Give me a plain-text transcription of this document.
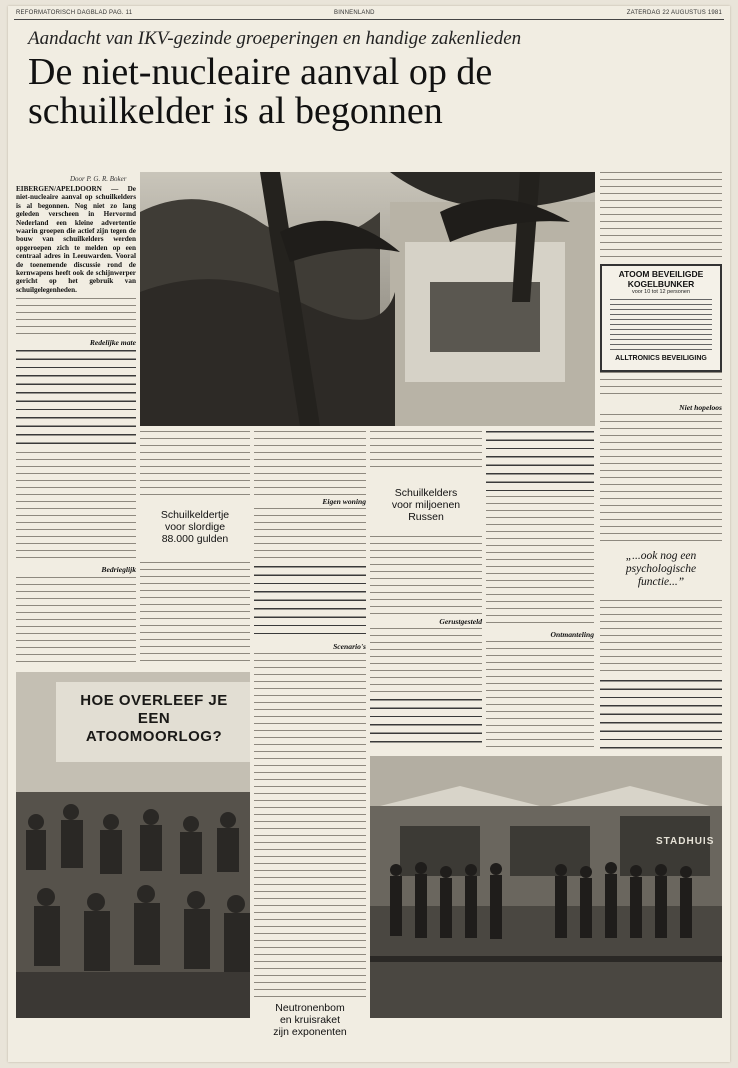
REFORMATORISCH DAGBLAD PAG. 11	BINNENLAND	ZATERDAG 22 AUGUSTUS 1981
Aandacht van IKV-gezinde groeperingen en handige zakenlieden
De niet-nucleaire aanval op de
schuilkelder is al begonnen
Door P. G. R. Boker
EIBERGEN/APELDOORN — De niet-nucleaire aanval op schuilkelders is al begonnen. Nog niet zo lang geleden verscheen in Hervormd Nederland een kleine advertentie waarin groepen die actief zijn tegen de bouw van schuilkelders werden opgeroepen zich te melden op een centraal adres in Leeuwarden. Vooral de toenemende discussie rond de kernwapens heeft ook de schijnwerper gericht op het gebruik van schuilgelegenheden.
Redelijke mate
Bedrieglijk
Schuilkeldertje
voor slordige
88.000 gulden
Eigen woning
Scenario's
Schuilkelders
voor miljoenen
Russen
Gerustgesteld
Ontmanteling
ATOOM BEVEILIGDE
KOGELBUNKER
voor 10 tot 12 personen
ALLTRONICS BEVEILIGING
Niet hopeloos
„...ook nog een
psychologische
functie...”
HOE OVERLEEF JE EEN
ATOOMOORLOG?
Neutronenbom
en kruisraket
zijn exponenten
STADHUIS
